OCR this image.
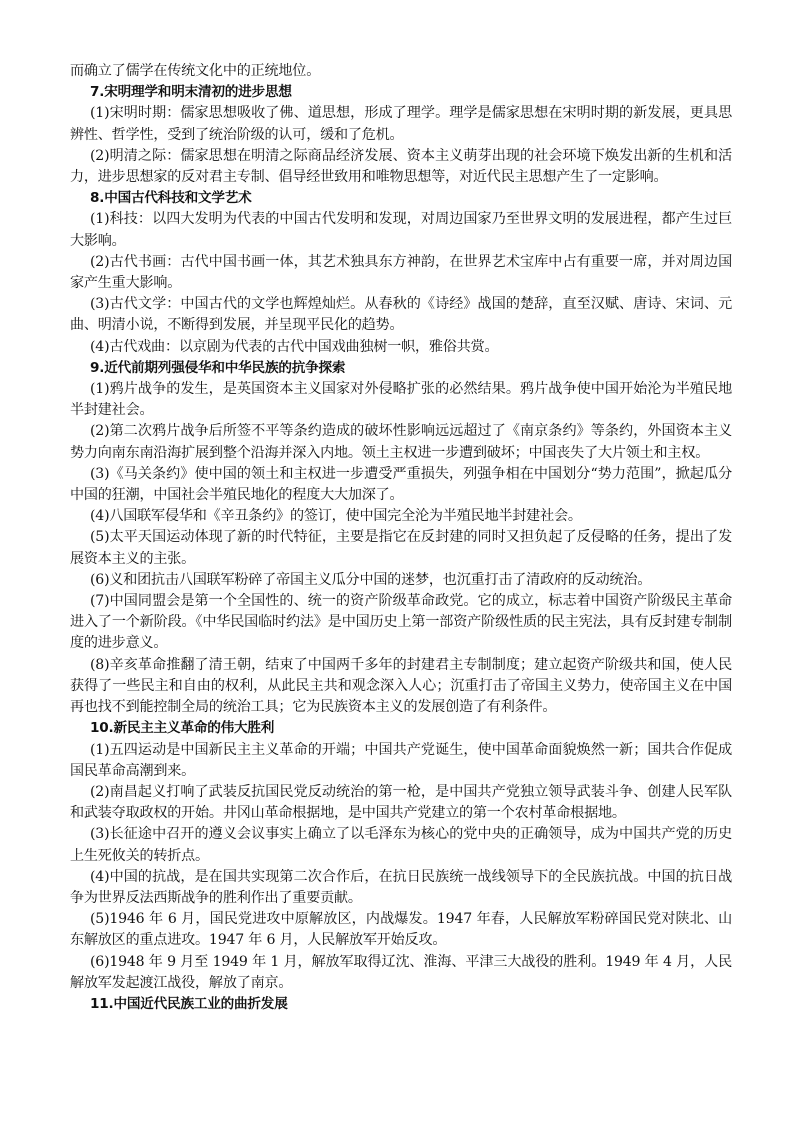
而确立了儒学在传统文化中的正统地位。

7.宋明理学和明末清初的进步思想

(1)宋明时期：儒家思想吸收了佛、道思想，形成了理学。理学是儒家思想在宋明时期的新发展，更具思辨性、哲学性，受到了统治阶级的认可，缓和了危机。

(2)明清之际：儒家思想在明清之际商品经济发展、资本主义萌芽出现的社会环境下焕发出新的生机和活力，进步思想家的反对君主专制、倡导经世致用和唯物思想等，对近代民主思想产生了一定影响。

8.中国古代科技和文学艺术

(1)科技：以四大发明为代表的中国古代发明和发现，对周边国家乃至世界文明的发展进程，都产生过巨大影响。

(2)古代书画：古代中国书画一体，其艺术独具东方神韵，在世界艺术宝库中占有重要一席，并对周边国家产生重大影响。

(3)古代文学：中国古代的文学也辉煌灿烂。从春秋的《诗经》战国的楚辞，直至汉赋、唐诗、宋词、元曲、明清小说，不断得到发展，并呈现平民化的趋势。

(4)古代戏曲：以京剧为代表的古代中国戏曲独树一帜，雅俗共赏。

9.近代前期列强侵华和中华民族的抗争探索

(1)鸦片战争的发生，是英国资本主义国家对外侵略扩张的必然结果。鸦片战争使中国开始沦为半殖民地半封建社会。

(2)第二次鸦片战争后所签不平等条约造成的破坏性影响远远超过了《南京条约》等条约，外国资本主义势力向南东南沿海扩展到整个沿海并深入内地。领土主权进一步遭到破坏；中国丧失了大片领土和主权。

(3)《马关条约》使中国的领土和主权进一步遭受严重损失，列强争相在中国划分“势力范围”，掀起瓜分中国的狂潮，中国社会半殖民地化的程度大大加深了。

(4)八国联军侵华和《辛丑条约》的签订，使中国完全沦为半殖民地半封建社会。

(5)太平天国运动体现了新的时代特征，主要是指它在反封建的同时又担负起了反侵略的任务，提出了发展资本主义的主张。

(6)义和团抗击八国联军粉碎了帝国主义瓜分中国的迷梦，也沉重打击了清政府的反动统治。

(7)中国同盟会是第一个全国性的、统一的资产阶级革命政党。它的成立，标志着中国资产阶级民主革命进入了一个新阶段。《中华民国临时约法》是中国历史上第一部资产阶级性质的民主宪法，具有反封建专制制度的进步意义。

(8)辛亥革命推翻了清王朝，结束了中国两千多年的封建君主专制制度；建立起资产阶级共和国，使人民获得了一些民主和自由的权利，从此民主共和观念深入人心；沉重打击了帝国主义势力，使帝国主义在中国再也找不到能控制全局的统治工具；它为民族资本主义的发展创造了有利条件。

10.新民主主义革命的伟大胜利

(1)五四运动是中国新民主主义革命的开端；中国共产党诞生，使中国革命面貌焕然一新；国共合作促成国民革命高潮到来。

(2)南昌起义打响了武装反抗国民党反动统治的第一枪，是中国共产党独立领导武装斗争、创建人民军队和武装夺取政权的开始。井冈山革命根据地，是中国共产党建立的第一个农村革命根据地。

(3)长征途中召开的遵义会议事实上确立了以毛泽东为核心的党中央的正确领导，成为中国共产党的历史上生死攸关的转折点。

(4)中国的抗战，是在国共实现第二次合作后，在抗日民族统一战线领导下的全民族抗战。中国的抗日战争为世界反法西斯战争的胜利作出了重要贡献。

(5)1946 年 6 月，国民党进攻中原解放区，内战爆发。1947 年春，人民解放军粉碎国民党对陕北、山东解放区的重点进攻。1947 年 6 月，人民解放军开始反攻。

(6)1948 年 9 月至 1949 年 1 月，解放军取得辽沈、淮海、平津三大战役的胜利。1949 年 4 月，人民解放军发起渡江战役，解放了南京。

11.中国近代民族工业的曲折发展
